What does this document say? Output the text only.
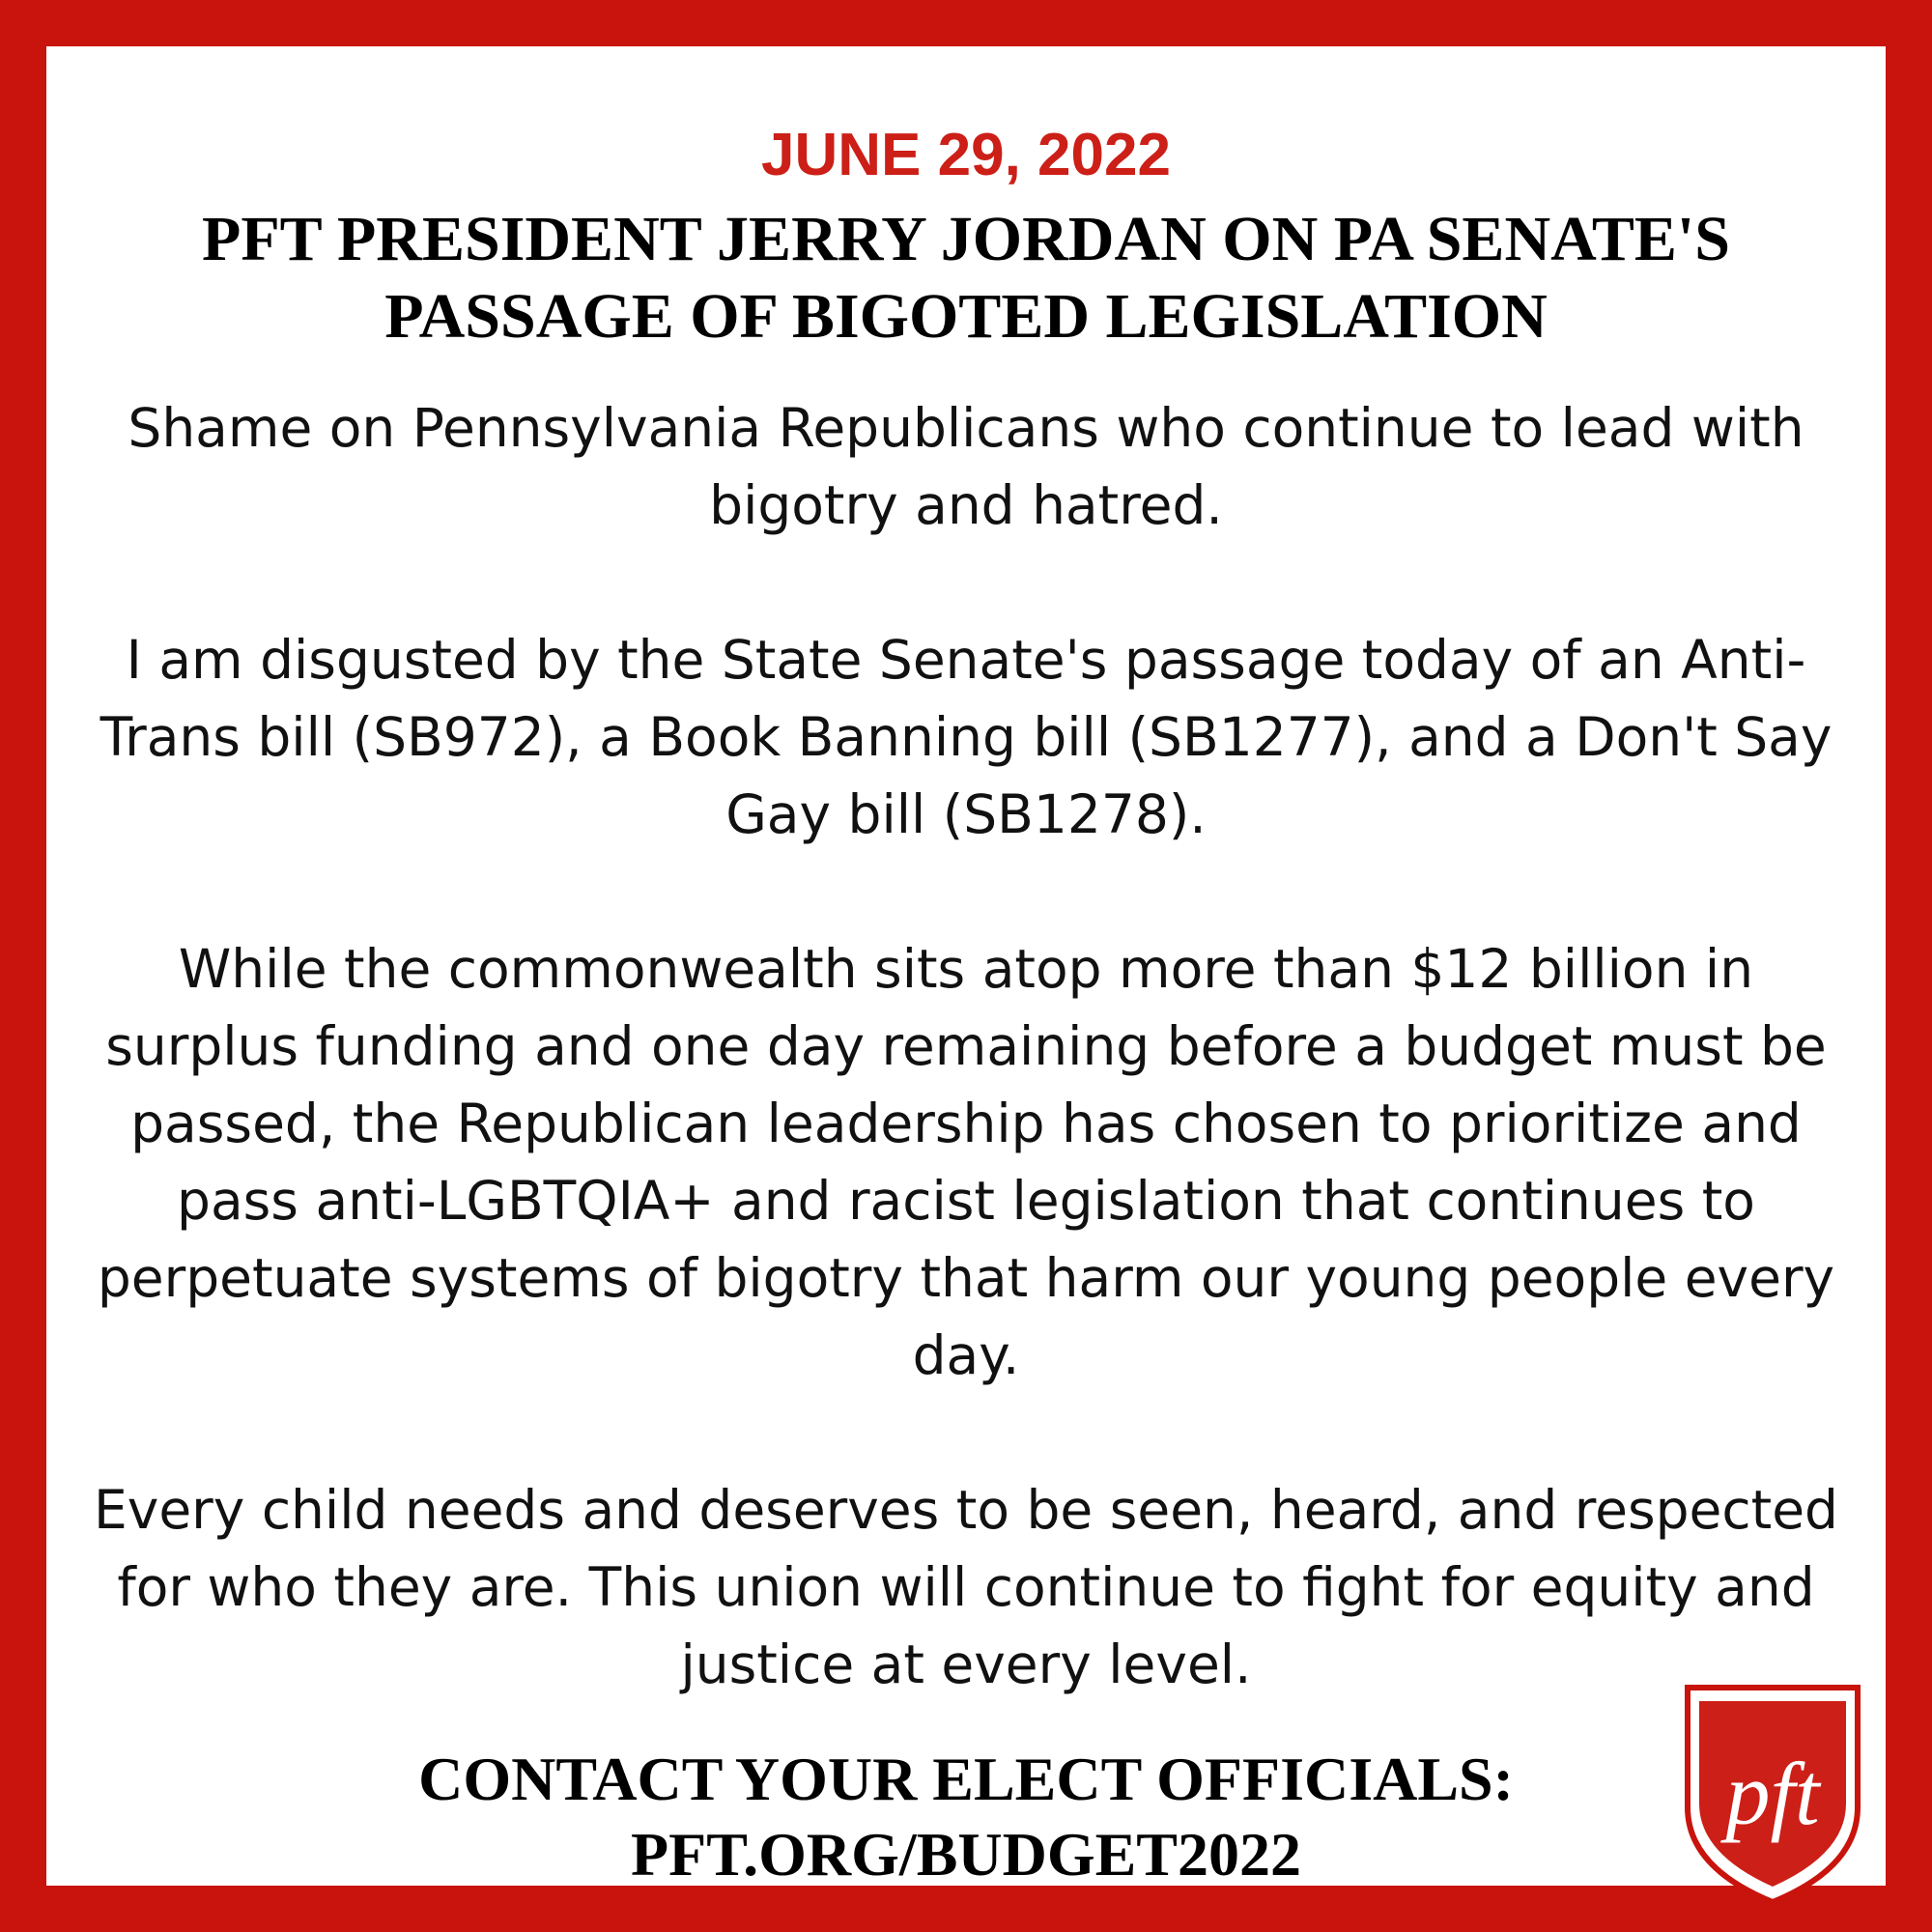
JUNE 29, 2022
PFT PRESIDENT JERRY JORDAN ON PA SENATE'S
PASSAGE OF BIGOTED LEGISLATION

Shame on Pennsylvania Republicans who continue to lead with bigotry and hatred.

I am disgusted by the State Senate's passage today of an Anti-Trans bill (SB972), a Book Banning bill (SB1277), and a Don't Say Gay bill (SB1278).

While the commonwealth sits atop more than $12 billion in surplus funding and one day remaining before a budget must be passed, the Republican leadership has chosen to prioritize and pass anti-LGBTQIA+ and racist legislation that continues to perpetuate systems of bigotry that harm our young people every day.

Every child needs and deserves to be seen, heard, and respected for who they are. This union will continue to fight for equity and justice at every level.

CONTACT YOUR ELECT OFFICIALS:
PFT.ORG/BUDGET2022
pft
